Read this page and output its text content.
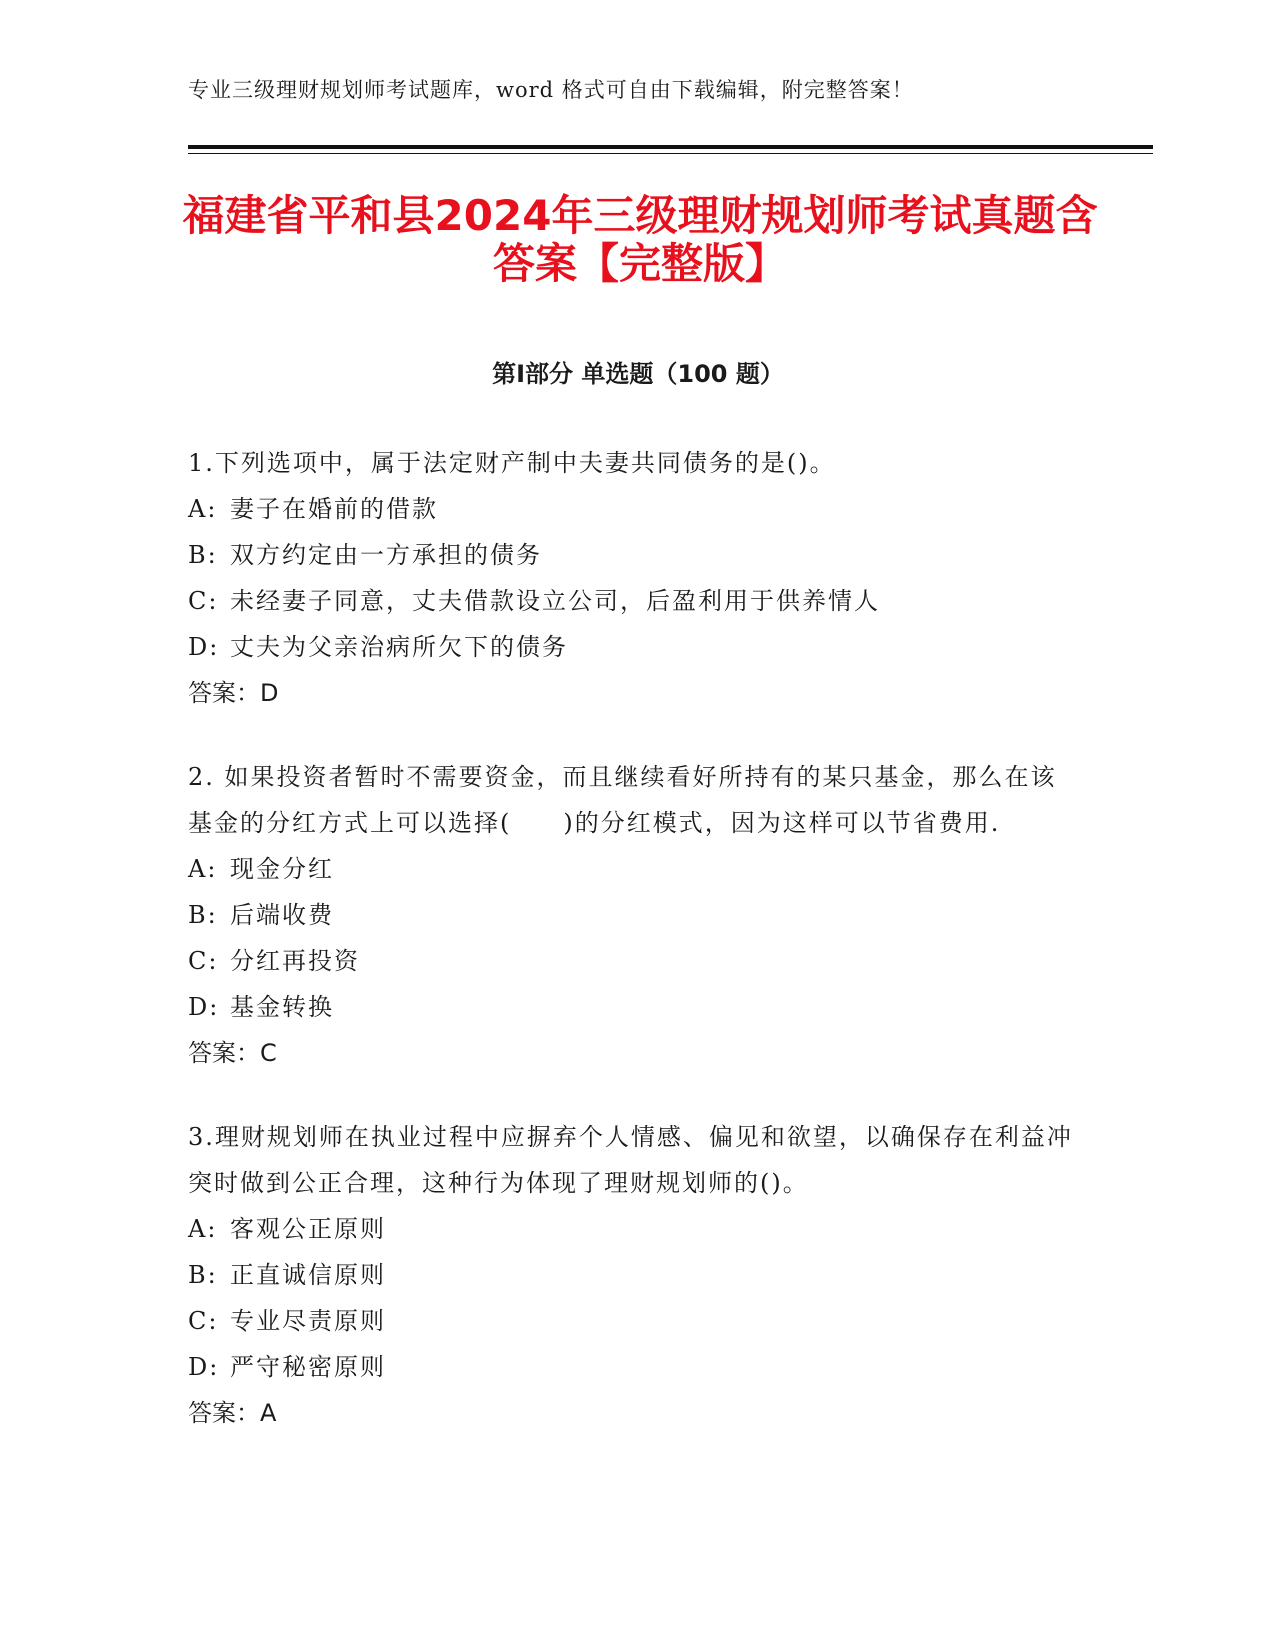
专业三级理财规划师考试题库，word 格式可自由下载编辑，附完整答案！
福建省平和县2024年三级理财规划师考试真题含答案【完整版】
第Ⅰ部分 单选题（100 题）
1.下列选项中，属于法定财产制中夫妻共同债务的是()。
A: 妻子在婚前的借款
B: 双方约定由一方承担的债务
C: 未经妻子同意，丈夫借款设立公司，后盈利用于供养情人
D: 丈夫为父亲治病所欠下的债务
答案：D
2. 如果投资者暂时不需要资金，而且继续看好所持有的某只基金，那么在该基金的分红方式上可以选择(　　)的分红模式，因为这样可以节省费用.
A: 现金分红
B: 后端收费
C: 分红再投资
D: 基金转换
答案：C
3.理财规划师在执业过程中应摒弃个人情感、偏见和欲望，以确保存在利益冲突时做到公正合理，这种行为体现了理财规划师的()。
A: 客观公正原则
B: 正直诚信原则
C: 专业尽责原则
D: 严守秘密原则
答案：A
